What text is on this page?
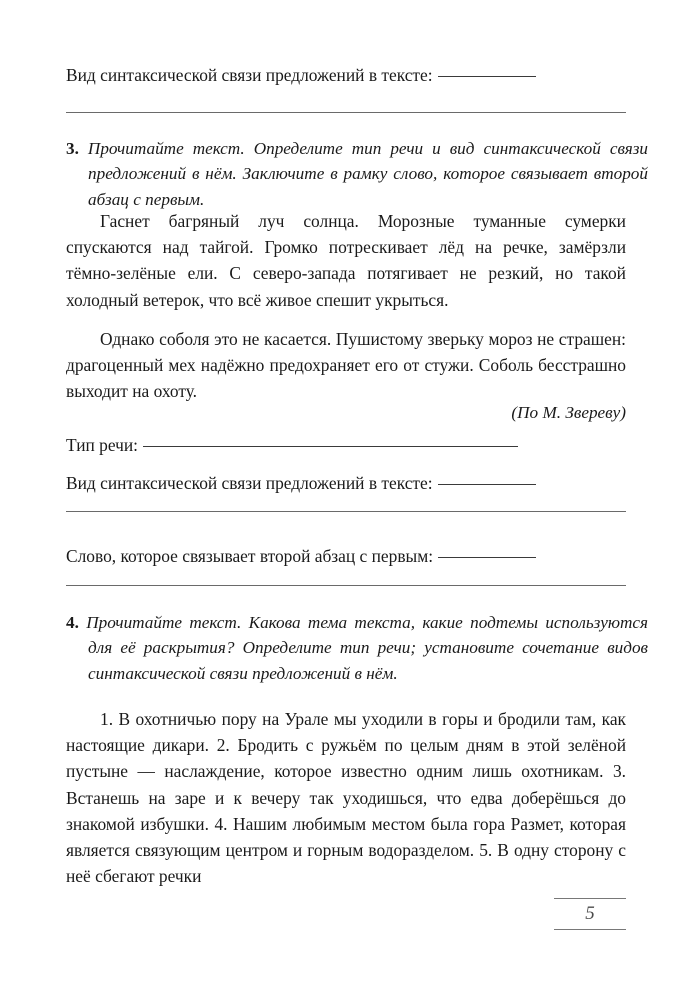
Вид синтаксической связи предложений в тексте:
3. Прочитайте текст. Определите тип речи и вид синтаксической связи предложений в нём. Заключите в рамку слово, которое связывает второй абзац с первым.
Гаснет багряный луч солнца. Морозные туманные сумерки спускаются над тайгой. Громко потрескивает лёд на речке, замёрзли тёмно-зелёные ели. С северо-запада потягивает не резкий, но такой холодный ветерок, что всё живое спешит укрыться.
Однако соболя это не касается. Пушистому зверьку мороз не страшен: драгоценный мех надёжно предохраняет его от стужи. Соболь бесстрашно выходит на охоту.
(По М. Звереву)
Тип речи:
Вид синтаксической связи предложений в тексте:
Слово, которое связывает второй абзац с первым:
4. Прочитайте текст. Какова тема текста, какие подтемы используются для её раскрытия? Определите тип речи; установите сочетание видов синтаксической связи предложений в нём.
1. В охотничью пору на Урале мы уходили в горы и бродили там, как настоящие дикари. 2. Бродить с ружьём по целым дням в этой зелёной пустыне — наслаждение, которое известно одним лишь охотникам. 3. Встанешь на заре и к вечеру так уходишься, что едва доберёшься до знакомой избушки. 4. Нашим любимым местом была гора Размет, которая является связующим центром и горным водоразделом. 5. В одну сторону с неё сбегают речки
5
